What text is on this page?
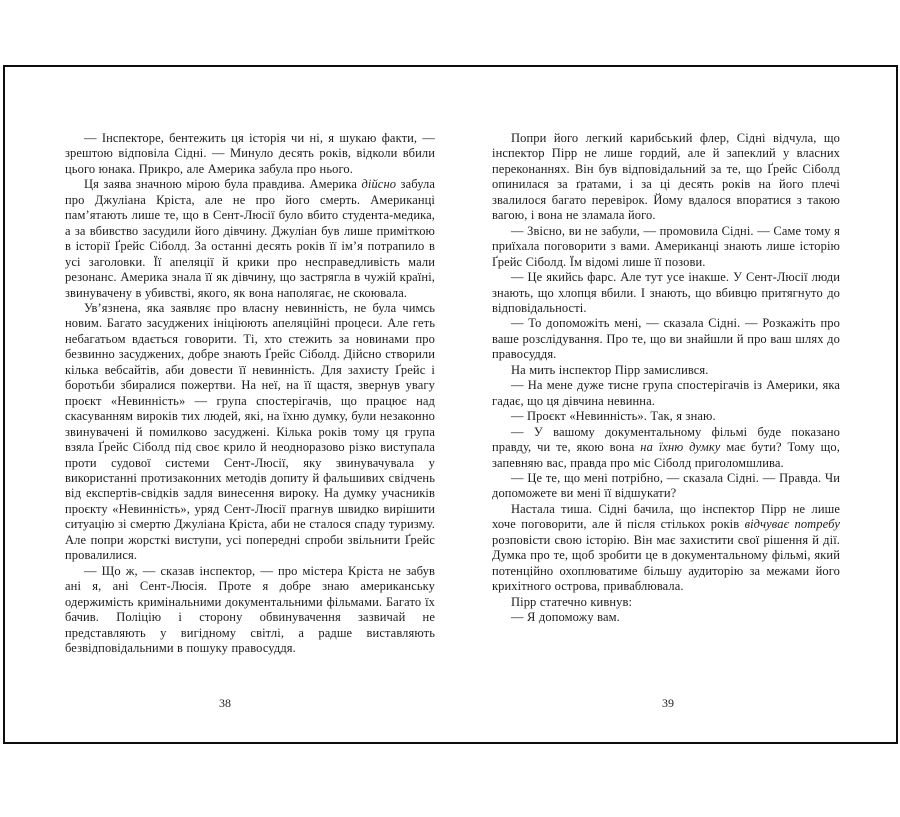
— Інспекторе, бентежить ця історія чи ні, я шукаю факти, — зрештою відповіла Сідні. — Минуло десять років, відколи вбили цього юнака. Прикро, але Америка забула про нього.

Ця заява значною мірою була правдива. Америка дійсно забула про Джуліана Кріста, але не про його смерть. Американці пам’ятають лише те, що в Сент-Люсії було вбито студента-медика, а за вбивство засудили його дівчину. Джуліан був лише приміткою в історії Ґрейс Сіболд. За останні десять років її ім’я потрапило в усі заголовки. Її апеляції й крики про несправедливість мали резонанс. Америка знала її як дівчину, що застрягла в чужій країні, звинувачену в убивстві, якого, як вона наполягає, не скоювала.

Ув’язнена, яка заявляє про власну невинність, не була чимсь новим. Багато засуджених ініціюють апеляційні процеси. Але геть небагатьом вдається говорити. Ті, хто стежить за новинами про безвинно засуджених, добре знають Ґрейс Сіболд. Дійсно створили кілька вебсайтів, аби довести її невинність. Для захисту Ґрейс і боротьби збиралися пожертви. На неї, на її щастя, звернув увагу проєкт «Невинність» — група спостерігачів, що працює над скасуванням вироків тих людей, які, на їхню думку, були незаконно звинувачені й помилково засуджені. Кілька років тому ця група взяла Ґрейс Сіболд під своє крило й неодноразово різко виступала проти судової системи Сент-Люсії, яку звинувачувала у використанні протизаконних методів допиту й фальшивих свідчень від експертів-свідків задля винесення вироку. На думку учасників проєкту «Невинність», уряд Сент-Люсії прагнув швидко вирішити ситуацію зі смертю Джуліана Кріста, аби не сталося спаду туризму. Але попри жорсткі виступи, усі попередні спроби звільнити Ґрейс провалилися.

— Що ж, — сказав інспектор, — про містера Кріста не забув ані я, ані Сент-Люсія. Проте я добре знаю американську одержимість кримінальними документальними фільмами. Багато їх бачив. Поліцію і сторону обвинувачення зазвичай не представляють у вигідному світлі, а радше виставляють безвідповідальними в пошуку правосуддя.

Попри його легкий карибський флер, Сідні відчула, що інспектор Пірр не лише гордий, але й запеклий у власних переконаннях. Він був відповідальний за те, що Ґрейс Сіболд опинилася за ґратами, і за ці десять років на його плечі звалилося багато перевірок. Йому вдалося впоратися з такою вагою, і вона не зламала його.

— Звісно, ви не забули, — промовила Сідні. — Саме тому я приїхала поговорити з вами. Американці знають лише історію Ґрейс Сіболд. Їм відомі лише її позови.

— Це якийсь фарс. Але тут усе інакше. У Сент-Люсії люди знають, що хлопця вбили. І знають, що вбивцю притягнуто до відповідальності.

— То допоможіть мені, — сказала Сідні. — Розкажіть про ваше розслідування. Про те, що ви знайшли й про ваш шлях до правосуддя.

На мить інспектор Пірр замислився.

— На мене дуже тисне група спостерігачів із Америки, яка гадає, що ця дівчина невинна.

— Проєкт «Невинність». Так, я знаю.

— У вашому документальному фільмі буде показано правду, чи те, якою вона на їхню думку має бути? Тому що, запевняю вас, правда про міс Сіболд приголомшлива.

— Це те, що мені потрібно, — сказала Сідні. — Правда. Чи допоможете ви мені її відшукати?

Настала тиша. Сідні бачила, що інспектор Пірр не лише хоче поговорити, але й після стількох років відчуває потребу розповісти свою історію. Він має захистити свої рішення й дії. Думка про те, щоб зробити це в документальному фільмі, який потенційно охоплюватиме більшу аудиторію за межами його крихітного острова, приваблювала.

Пірр статечно кивнув:

— Я допоможу вам.

38	39
